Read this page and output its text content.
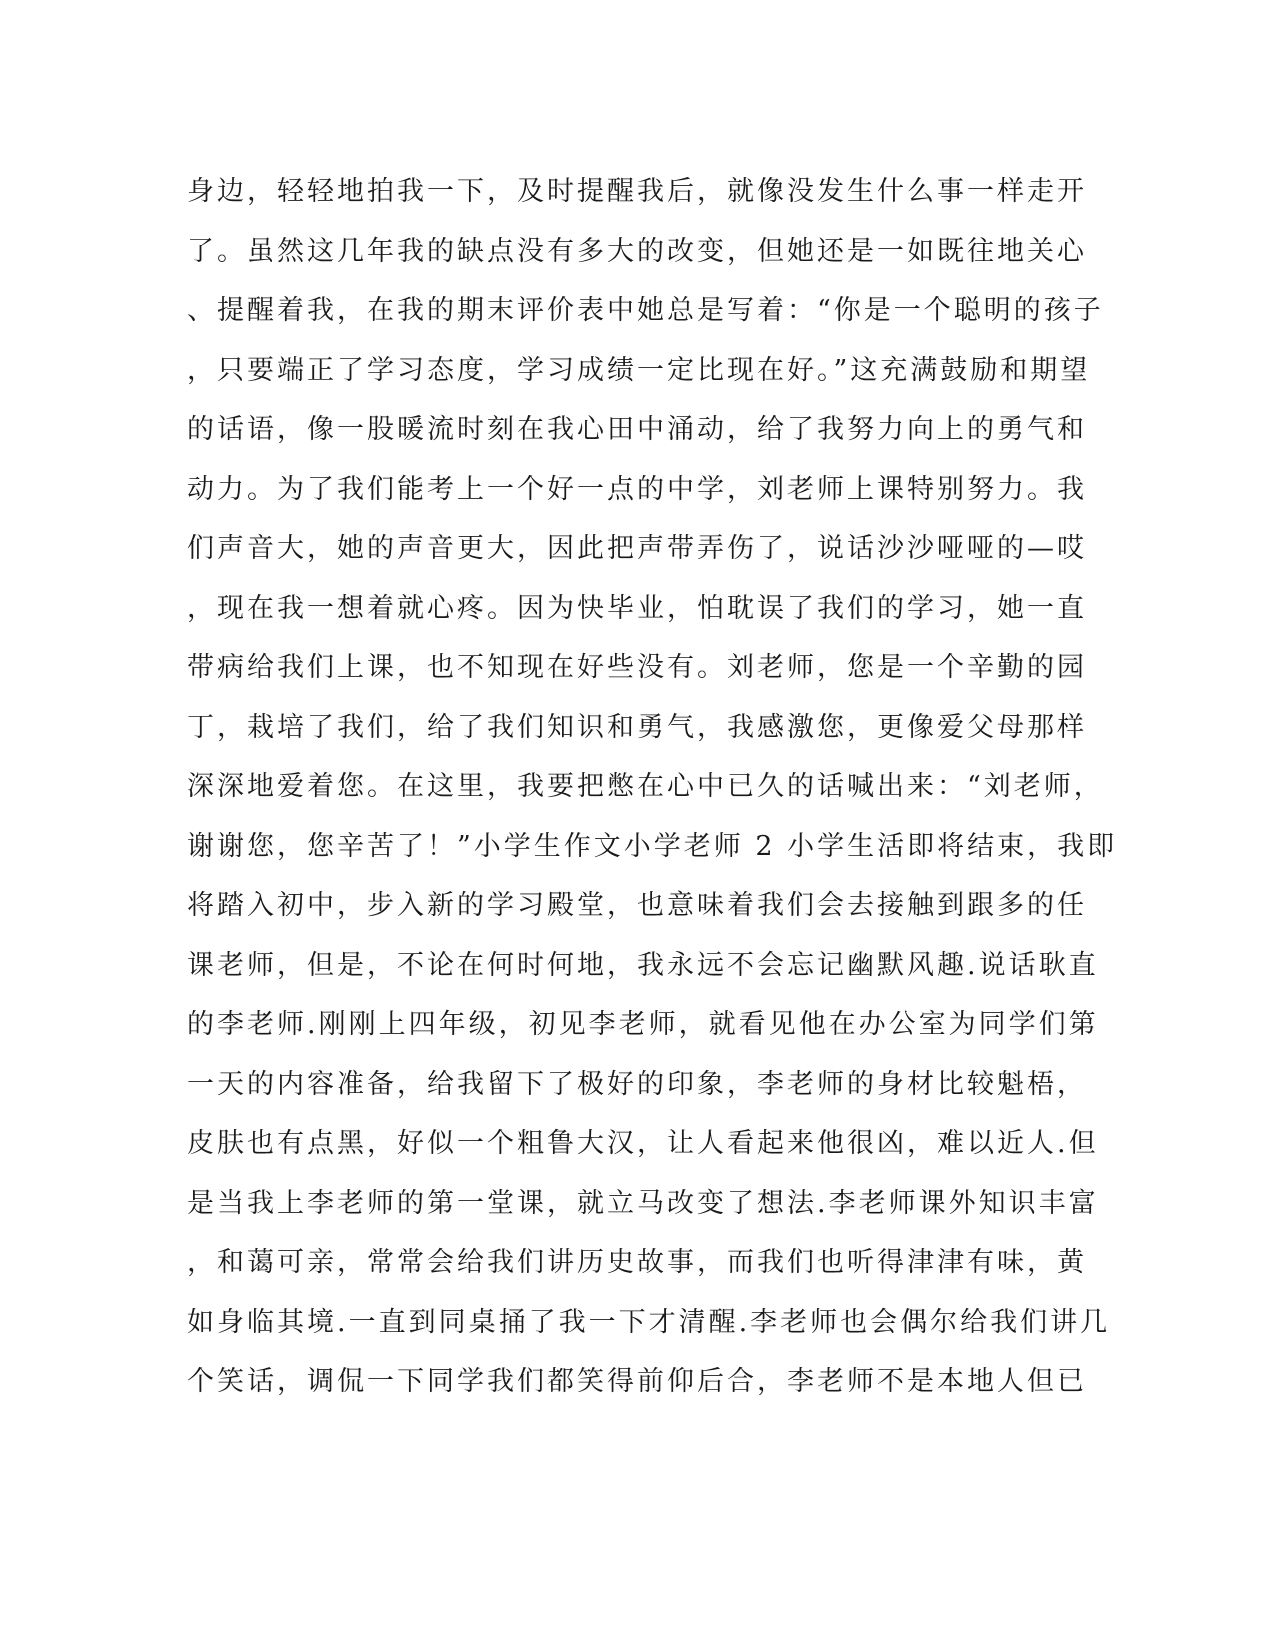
身边，轻轻地拍我一下，及时提醒我后，就像没发生什么事一样走开
了。虽然这几年我的缺点没有多大的改变，但她还是一如既往地关心
、提醒着我，在我的期末评价表中她总是写着：“你是一个聪明的孩子
，只要端正了学习态度，学习成绩一定比现在好。”这充满鼓励和期望
的话语，像一股暖流时刻在我心田中涌动，给了我努力向上的勇气和
动力。为了我们能考上一个好一点的中学，刘老师上课特别努力。我
们声音大，她的声音更大，因此把声带弄伤了，说话沙沙哑哑的—哎
，现在我一想着就心疼。因为快毕业，怕耽误了我们的学习，她一直
带病给我们上课，也不知现在好些没有。刘老师，您是一个辛勤的园
丁，栽培了我们，给了我们知识和勇气，我感激您，更像爱父母那样
深深地爱着您。在这里，我要把憋在心中已久的话喊出来：“刘老师，
谢谢您，您辛苦了！”小学生作文小学老师 2 小学生活即将结束，我即
将踏入初中，步入新的学习殿堂，也意味着我们会去接触到跟多的任
课老师，但是，不论在何时何地，我永远不会忘记幽默风趣.说话耿直
的李老师.刚刚上四年级，初见李老师，就看见他在办公室为同学们第
一天的内容准备，给我留下了极好的印象，李老师的身材比较魁梧，
皮肤也有点黑，好似一个粗鲁大汉，让人看起来他很凶，难以近人.但
是当我上李老师的第一堂课，就立马改变了想法.李老师课外知识丰富
，和蔼可亲，常常会给我们讲历史故事，而我们也听得津津有味，黄
如身临其境.一直到同桌捅了我一下才清醒.李老师也会偶尔给我们讲几
个笑话，调侃一下同学我们都笑得前仰后合，李老师不是本地人但已
